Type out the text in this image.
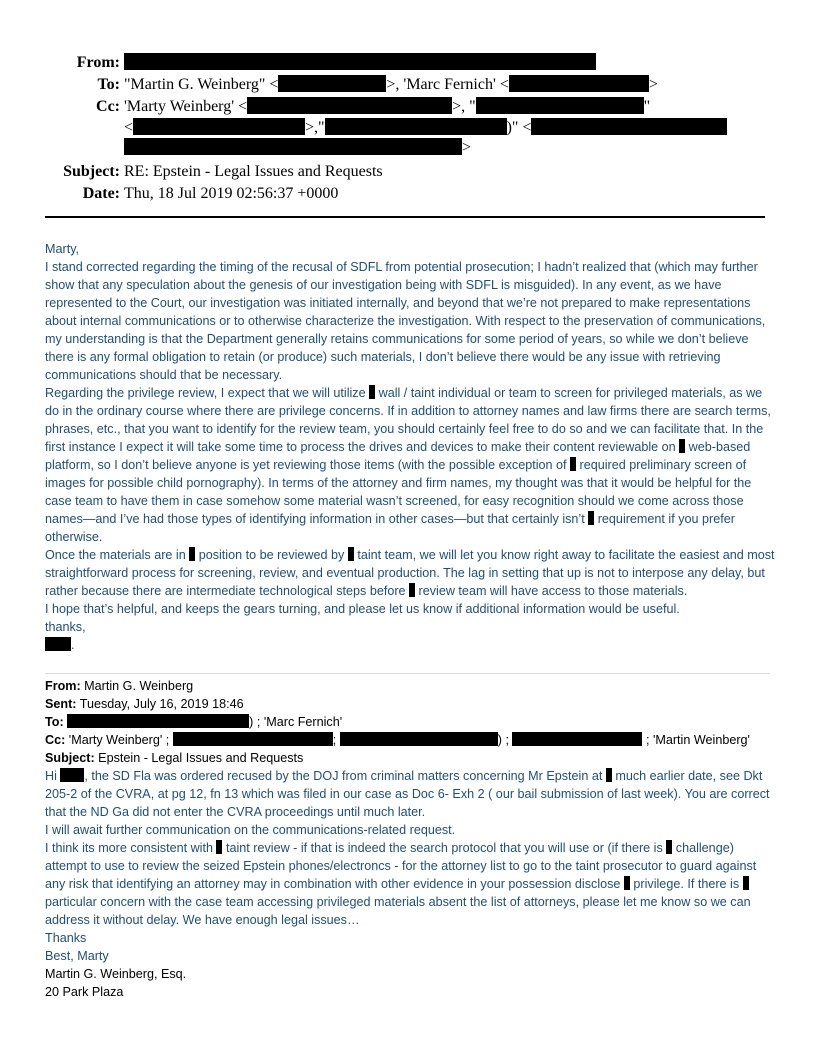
From:
To: "Martin G. Weinberg" <	>, 'Marc Fernich' <	>
Cc: 'Marty Weinberg' <	>, "	"
<	>,"	)" <
>
Subject: RE: Epstein - Legal Issues and Requests
Date: Thu, 18 Jul 2019 02:56:37 +0000

Marty,

I stand corrected regarding the timing of the recusal of SDFL from potential prosecution; I hadn’t realized that (which may further show that any speculation about the genesis of our investigation being with SDFL is misguided). In any event, as we have represented to the Court, our investigation was initiated internally, and beyond that we’re not prepared to make representations about internal communications or to otherwise characterize the investigation. With respect to the preservation of communications, my understanding is that the Department generally retains communications for some period of years, so while we don’t believe there is any formal obligation to retain (or produce) such materials, I don’t believe there would be any issue with retrieving communications should that be necessary.

Regarding the privilege review, I expect that we will utilize  wall / taint individual or team to screen for privileged materials, as we do in the ordinary course where there are privilege concerns. If in addition to attorney names and law firms there are search terms, phrases, etc., that you want to identify for the review team, you should certainly feel free to do so and we can facilitate that. In the first instance I expect it will take some time to process the drives and devices to make their content reviewable on  web-based platform, so I don’t believe anyone is yet reviewing those items (with the possible exception of  required preliminary screen of images for possible child pornography). In terms of the attorney and firm names, my thought was that it would be helpful for the case team to have them in case somehow some material wasn’t screened, for easy recognition should we come across those names—and I’ve had those types of identifying information in other cases—but that certainly isn’t  requirement if you prefer otherwise.

Once the materials are in  position to be reviewed by  taint team, we will let you know right away to facilitate the easiest and most straightforward process for screening, review, and eventual production. The lag in setting that up is not to interpose any delay, but rather because there are intermediate technological steps before  review team will have access to those materials.

I hope that’s helpful, and keeps the gears turning, and please let us know if additional information would be useful.

thanks,

.

From: Martin G. Weinberg

Sent: Tuesday, July 16, 2019 18:46

To:	) ; 'Marc Fernich'

Cc: 'Marty Weinberg' ;	;	) ;	; 'Martin Weinberg'

Subject: Epstein - Legal Issues and Requests

Hi , the SD Fla was ordered recused by the DOJ from criminal matters concerning Mr Epstein at  much earlier date, see Dkt 205-2 of the CVRA, at pg 12, fn 13 which was filed in our case as Doc 6- Exh 2 ( our bail submission of last week). You are correct that the ND Ga did not enter the CVRA proceedings until much later.

I will await further communication on the communications-related request.

I think its more consistent with  taint review - if that is indeed the search protocol that you will use or (if there is  challenge) attempt to use to review the seized Epstein phones/electroncs - for the attorney list to go to the taint prosecutor to guard against any risk that identifying an attorney may in combination with other evidence in your possession disclose  privilege. If there is  particular concern with the case team accessing privileged materials absent the list of attorneys, please let me know so we can address it without delay. We have enough legal issues…

Thanks

Best, Marty

Martin G. Weinberg, Esq.

20 Park Plaza
